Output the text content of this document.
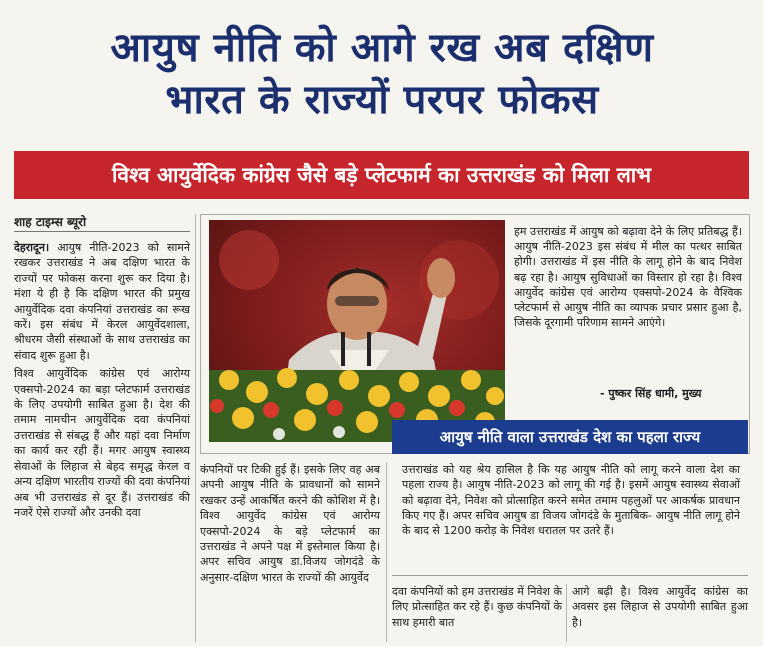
आयुष नीति को आगे रख अब दक्षिण
भारत के राज्यों परपर फोकस
विश्व आयुर्वेदिक कांग्रेस जैसे बड़े प्लेटफार्म का उत्तराखंड को मिला लाभ
शाह टाइम्स ब्यूरो

देहरादून। आयुष नीति-2023 को सामने रखकर उत्तराखंड ने अब दक्षिण भारत के राज्यों पर फोकस करना शुरू कर दिया है। मंशा ये ही है कि दक्षिण भारत की प्रमुख आयुर्वेदिक दवा कंपनियां उत्तराखंड का रूख करें। इस संबंध में केरल आयुर्वेदशाला, श्रीधरम जैसी संस्थाओं के साथ उत्तराखंड का संवाद शुरू हुआ है।

विश्व आयुर्वेदिक कांग्रेस एवं आरोग्य एक्सपो-2024 का बड़ा प्लेटफार्म उत्तराखंड के लिए उपयोगी साबित हुआ है। देश की तमाम नामचीन आयुर्वेदिक दवा कंपनियां उत्तराखंड से संबद्ध हैं और यहां दवा निर्माण का कार्य कर रही हैं। मगर आयुष स्वास्थ्य सेवाओं के लिहाज से बेहद समृद्ध केरल व अन्य दक्षिण भारतीय राज्यों की दवा कंपनियां अब भी उत्तराखंड से दूर हैं। उत्तराखंड की नजरें ऐसे राज्यों और उनकी दवा

हम उत्तराखंड में आयुष को बढ़ावा देने के लिए प्रतिबद्ध हैं। आयुष नीति-2023 इस संबंध में मील का पत्थर साबित होगी। उत्तराखंड में इस नीति के लागू होने के बाद निवेश बढ़ रहा है। आयुष सुविधाओं का विस्तार हो रहा है। विश्व आयुर्वेद कांग्रेस एवं आरोग्य एक्सपो-2024 के वैश्विक प्लेटफार्म से आयुष नीति का व्यापक प्रचार प्रसार हुआ है, जिसके दूरगामी परिणाम सामने आएंगे।
- पुष्कर सिंह धामी, मुख्य
आयुष नीति वाला उत्तराखंड देश का पहला राज्य
उत्तराखंड को यह श्रेय हासिल है कि यह आयुष नीति को लागू करने वाला देश का पहला राज्य है। आयुष नीति-2023 को लागू की गई है। इसमें आयुष स्वास्थ्य सेवाओं को बढ़ावा देने, निवेश को प्रोत्साहित करने समेत तमाम पहलुओं पर आकर्षक प्रावधान किए गए हैं। अपर सचिव आयुष डा विजय जोगदंडे के मुताबिक- आयुष नीति लागू होने के बाद से 1200 करोड़ के निवेश धरातल पर उतरे हैं।
कंपनियों पर टिकी हुई हैं। इसके लिए वह अब अपनी आयुष नीति के प्रावधानों को सामने रखकर उन्हें आकर्षित करने की कोशिश में है। विश्व आयुर्वेद कांग्रेस एवं आरोग्य एक्सपो-2024 के बड़े प्लेटफार्म का उत्तराखंड ने अपने पक्ष में इस्तेमाल किया है। अपर सचिव आयुष डा.विजय जोगदंडे के अनुसार-दक्षिण भारत के राज्यों की आयुर्वेद
दवा कंपनियों को हम उत्तराखंड में निवेश के लिए प्रोत्साहित कर रहे हैं। कुछ कंपनियों के साथ हमारी बात
आगे बढ़ी है। विश्व आयुर्वेद कांग्रेस का अवसर इस लिहाज से उपयोगी साबित हुआ है।
